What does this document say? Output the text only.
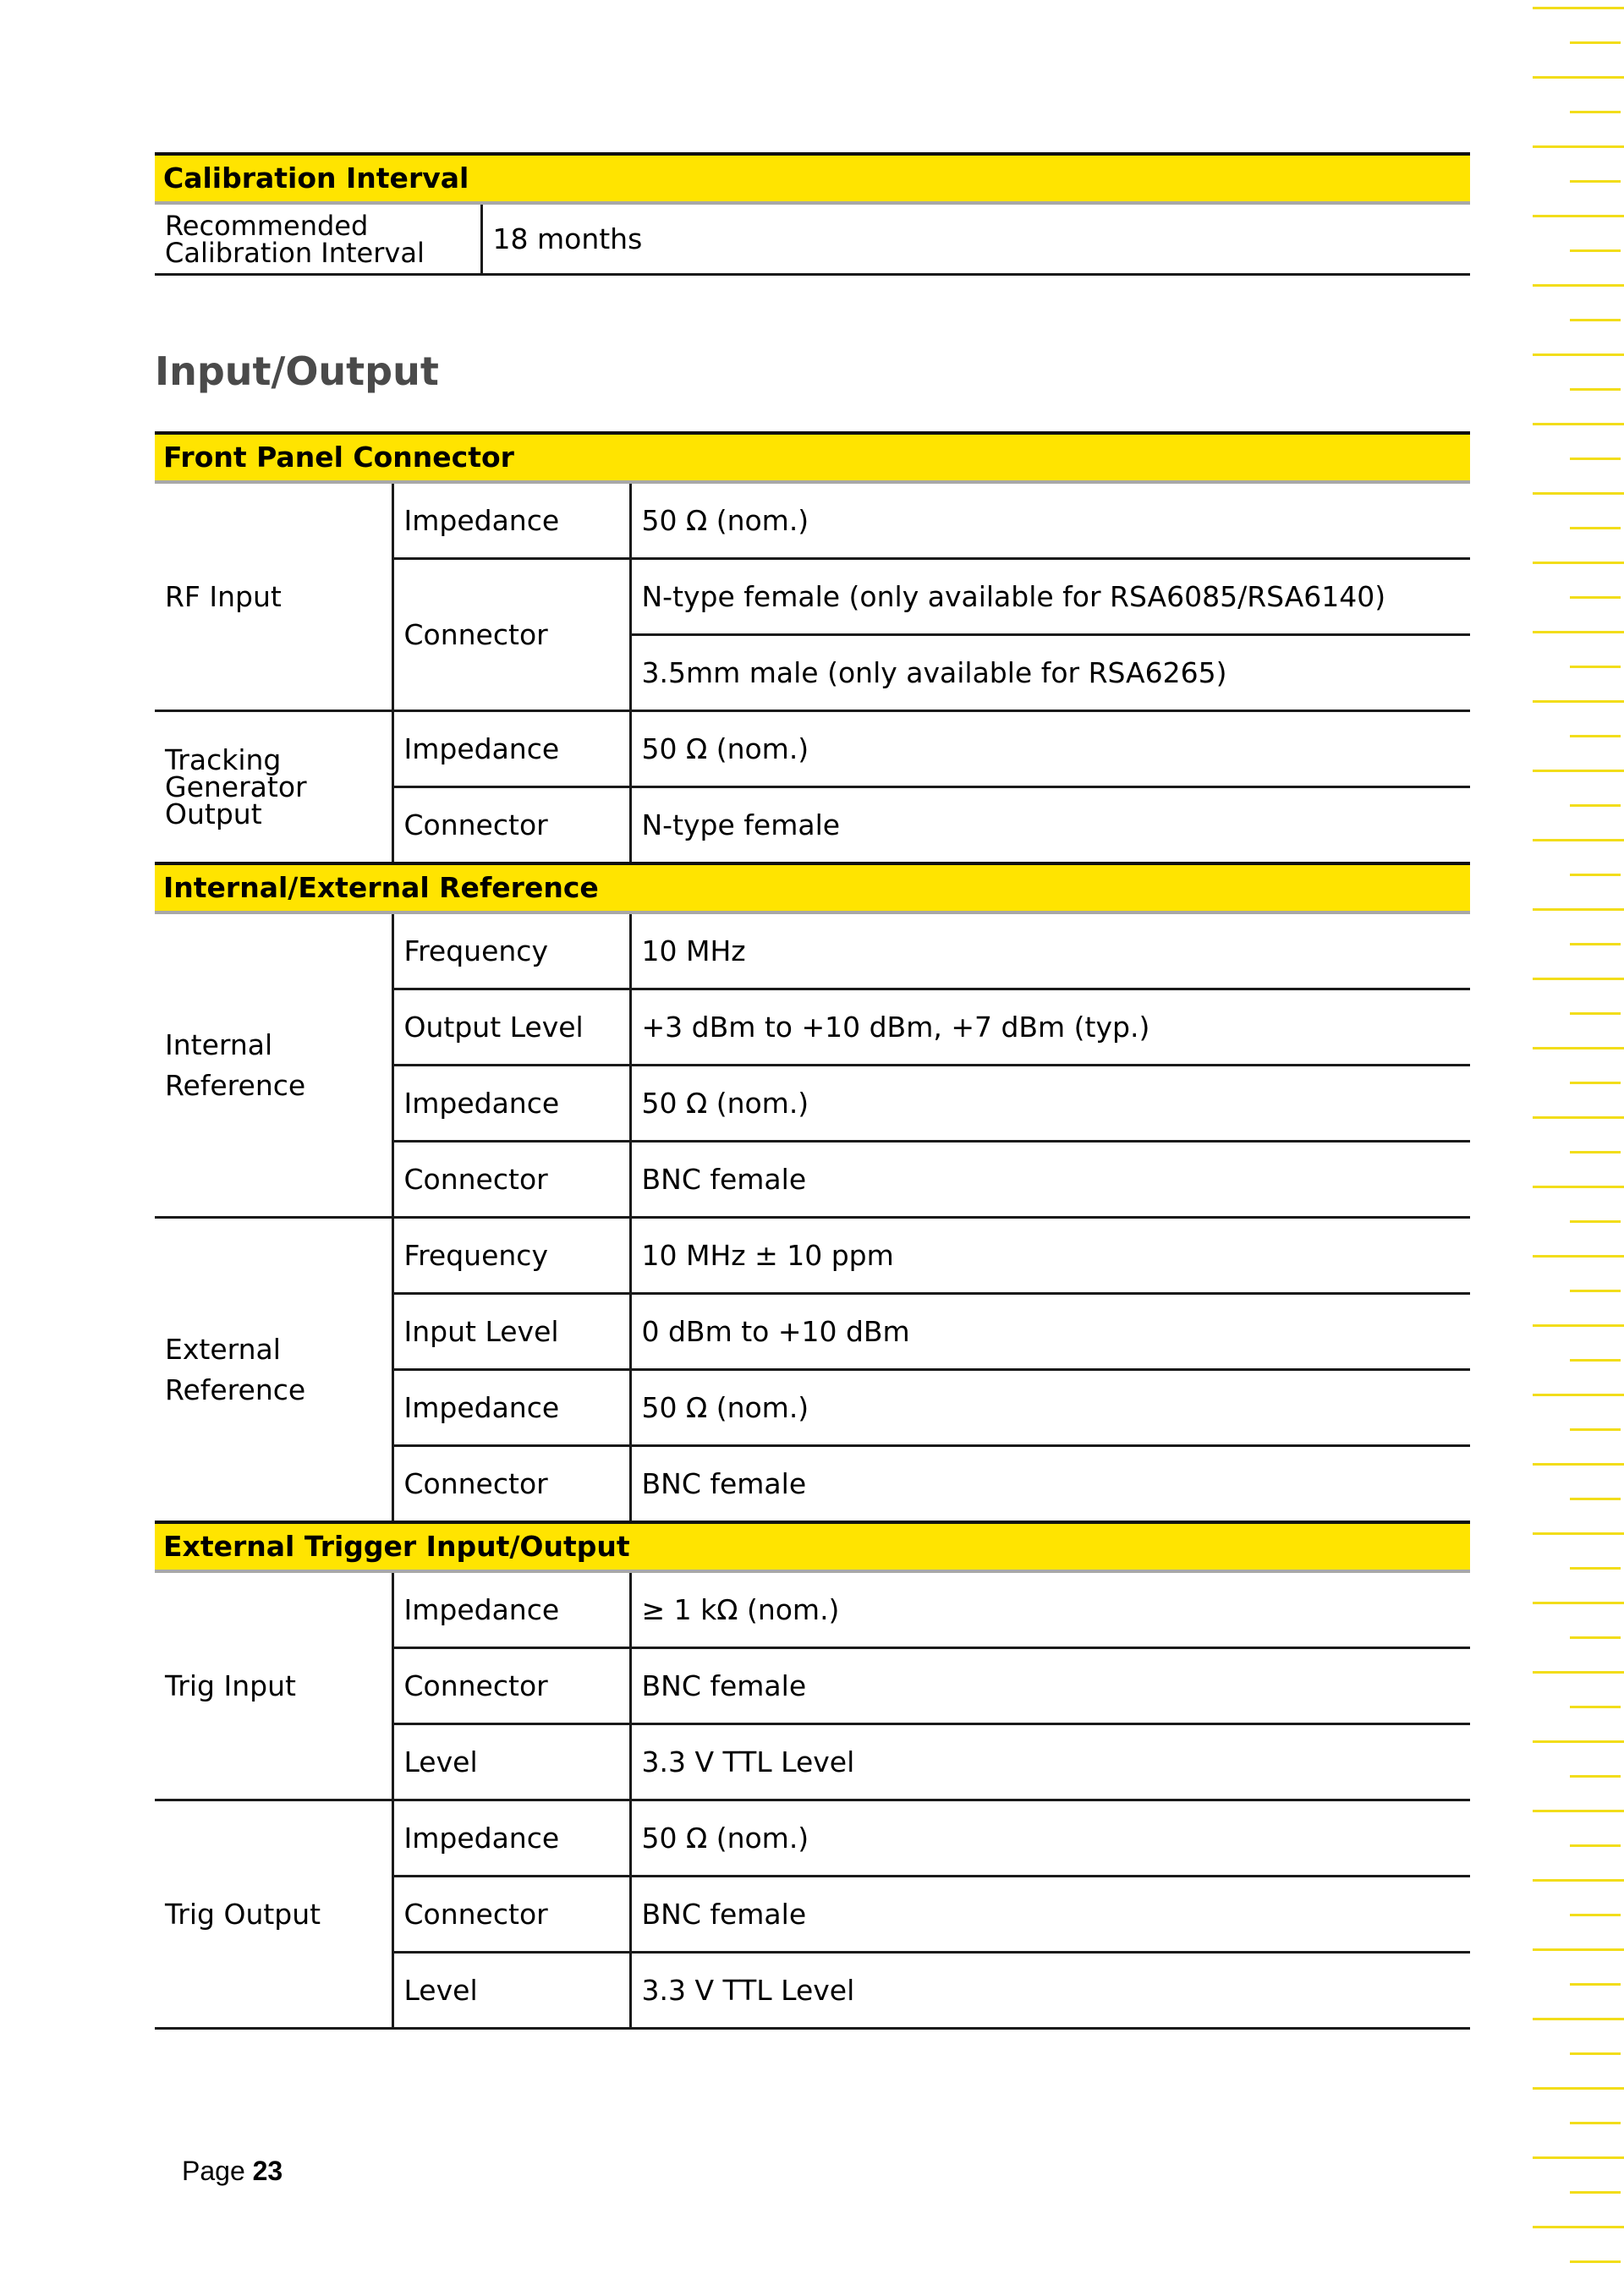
Calibration Interval
Recommended Calibration Interval	18 months
Input/Output
Front Panel Connector		
RF Input	Impedance	50 Ω (nom.)
	Connector	N-type female (only available for RSA6085/RSA6140)
		3.5mm male (only available for RSA6265)
Tracking Generator Output	Impedance	50 Ω (nom.)
	Connector	N-type female
Internal/External Reference		
Internal Reference	Frequency	10 MHz
	Output Level	+3 dBm to +10 dBm, +7 dBm (typ.)
	Impedance	50 Ω (nom.)
	Connector	BNC female
External Reference	Frequency	10 MHz ± 10 ppm
	Input Level	0 dBm to +10 dBm
	Impedance	50 Ω (nom.)
	Connector	BNC female
External Trigger Input/Output		
Trig Input	Impedance	≥ 1 kΩ (nom.)
	Connector	BNC female
	Level	3.3 V TTL Level
Trig Output	Impedance	50 Ω (nom.)
	Connector	BNC female
	Level	3.3 V TTL Level
Page 23
